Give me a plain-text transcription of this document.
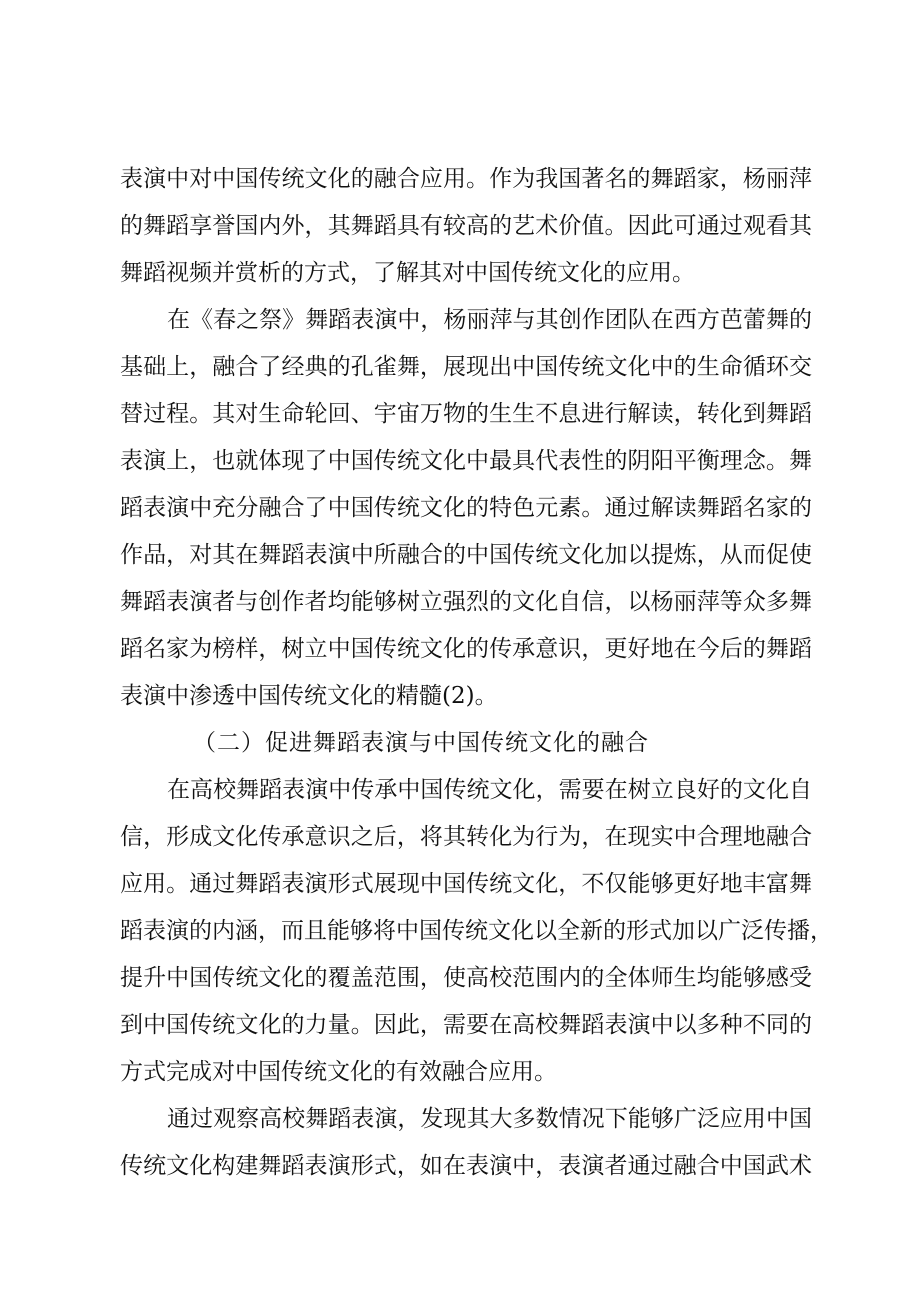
表演中对中国传统文化的融合应用。作为我国著名的舞蹈家，杨丽萍
的舞蹈享誉国内外，其舞蹈具有较高的艺术价值。因此可通过观看其
舞蹈视频并赏析的方式，了解其对中国传统文化的应用。
在《春之祭》舞蹈表演中，杨丽萍与其创作团队在西方芭蕾舞的
基础上，融合了经典的孔雀舞，展现出中国传统文化中的生命循环交
替过程。其对生命轮回、宇宙万物的生生不息进行解读，转化到舞蹈
表演上，也就体现了中国传统文化中最具代表性的阴阳平衡理念。舞
蹈表演中充分融合了中国传统文化的特色元素。通过解读舞蹈名家的
作品，对其在舞蹈表演中所融合的中国传统文化加以提炼，从而促使
舞蹈表演者与创作者均能够树立强烈的文化自信，以杨丽萍等众多舞
蹈名家为榜样，树立中国传统文化的传承意识，更好地在今后的舞蹈
表演中渗透中国传统文化的精髓(2)。
（二）促进舞蹈表演与中国传统文化的融合
在高校舞蹈表演中传承中国传统文化，需要在树立良好的文化自
信，形成文化传承意识之后，将其转化为行为，在现实中合理地融合
应用。通过舞蹈表演形式展现中国传统文化，不仅能够更好地丰富舞
蹈表演的内涵，而且能够将中国传统文化以全新的形式加以广泛传播，
提升中国传统文化的覆盖范围，使高校范围内的全体师生均能够感受
到中国传统文化的力量。因此，需要在高校舞蹈表演中以多种不同的
方式完成对中国传统文化的有效融合应用。
通过观察高校舞蹈表演，发现其大多数情况下能够广泛应用中国
传统文化构建舞蹈表演形式，如在表演中，表演者通过融合中国武术
